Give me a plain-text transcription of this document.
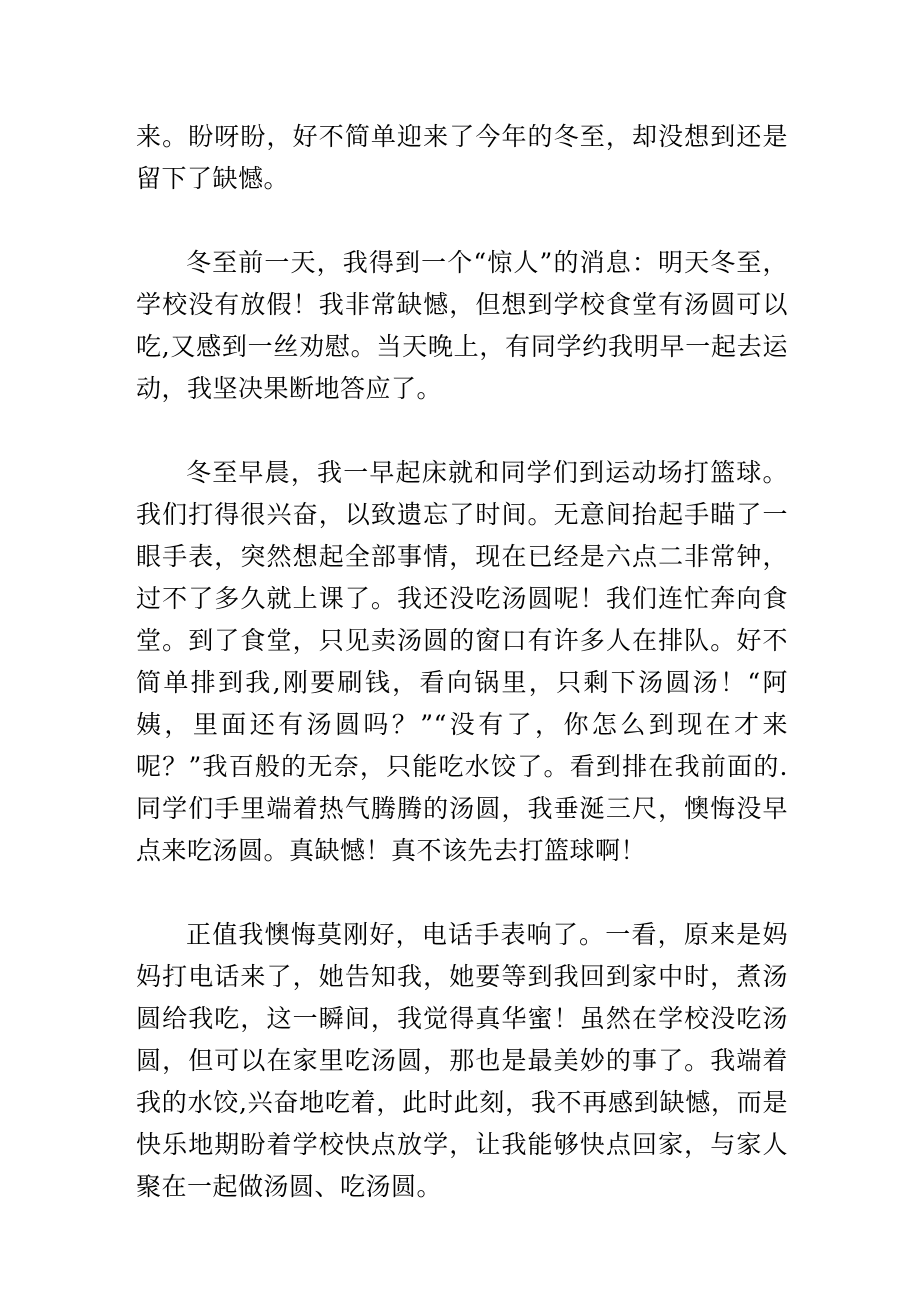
来。盼呀盼，好不简单迎来了今年的冬至，却没想到还是留下了缺憾。

冬至前一天，我得到一个“惊人”的消息：明天冬至，学校没有放假！我非常缺憾，但想到学校食堂有汤圆可以吃,又感到一丝劝慰。当天晚上，有同学约我明早一起去运动，我坚决果断地答应了。

冬至早晨，我一早起床就和同学们到运动场打篮球。我们打得很兴奋，以致遗忘了时间。无意间抬起手瞄了一眼手表，突然想起全部事情，现在已经是六点二非常钟，过不了多久就上课了。我还没吃汤圆呢！我们连忙奔向食堂。到了食堂，只见卖汤圆的窗口有许多人在排队。好不简单排到我,刚要刷钱，看向锅里，只剩下汤圆汤！“阿姨，里面还有汤圆吗？”“没有了，你怎么到现在才来呢？”我百般的无奈，只能吃水饺了。看到排在我前面的.同学们手里端着热气腾腾的汤圆，我垂涎三尺，懊悔没早点来吃汤圆。真缺憾！真不该先去打篮球啊！

正值我懊悔莫刚好，电话手表响了。一看，原来是妈妈打电话来了，她告知我，她要等到我回到家中时，煮汤圆给我吃，这一瞬间，我觉得真华蜜！虽然在学校没吃汤圆，但可以在家里吃汤圆，那也是最美妙的事了。我端着我的水饺,兴奋地吃着，此时此刻，我不再感到缺憾，而是快乐地期盼着学校快点放学，让我能够快点回家，与家人聚在一起做汤圆、吃汤圆。
